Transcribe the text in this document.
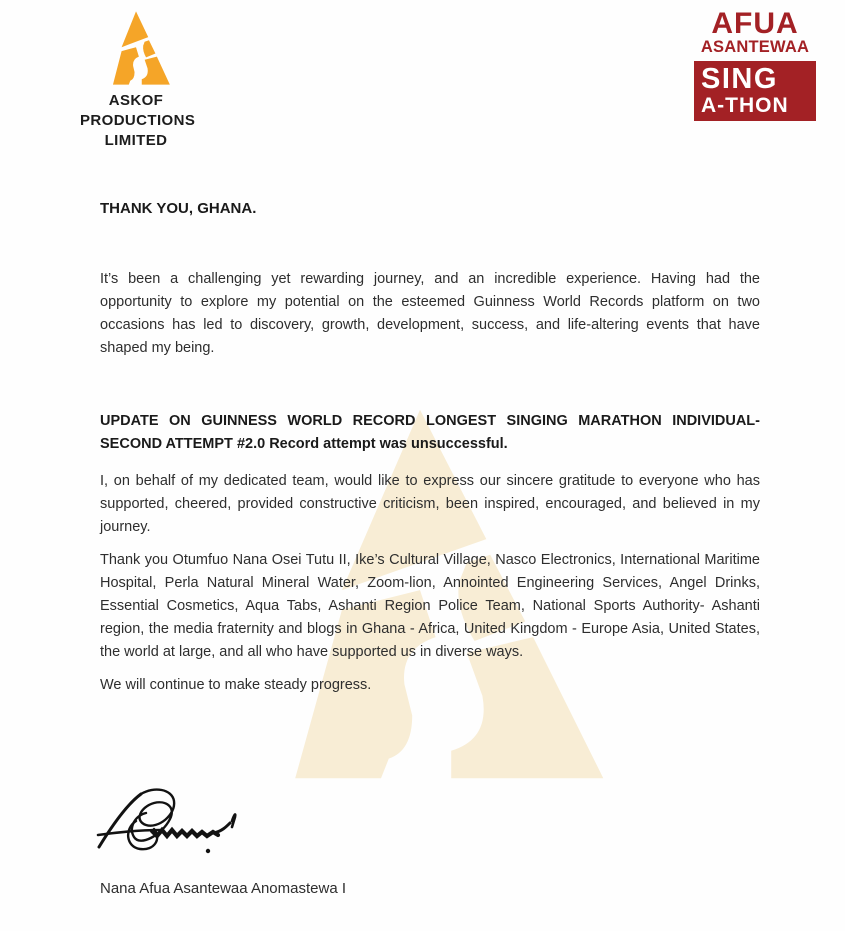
ASKOF
PRODUCTIONS
LIMITED
AFUA
ASANTEWAA
SING
A-THON
THANK YOU, GHANA.
It’s been a challenging yet rewarding journey, and an incredible experience. Having had the opportunity to explore my potential on the esteemed Guinness World Records platform on two occasions has led to discovery, growth, development, success, and life-altering events that have shaped my being.
UPDATE ON GUINNESS WORLD RECORD LONGEST SINGING MARATHON INDIVIDUAL- SECOND ATTEMPT #2.0 Record attempt was unsuccessful.
I, on behalf of my dedicated team, would like to express our sincere gratitude to everyone who has supported, cheered, provided constructive criticism, been inspired, encouraged, and believed in my journey.
Thank you Otumfuo Nana Osei Tutu II, Ike’s Cultural Village, Nasco Electronics, International Maritime Hospital, Perla Natural Mineral Water, Zoom-lion, Annointed Engineering Services, Angel Drinks, Essential Cosmetics, Aqua Tabs, Ashanti Region Police Team, National Sports Authority- Ashanti region, the media fraternity and blogs in Ghana - Africa, United Kingdom - Europe Asia, United States, the world at large, and all who have supported us in diverse ways.
We will continue to make steady progress.
Nana Afua Asantewaa Anomastewa I
